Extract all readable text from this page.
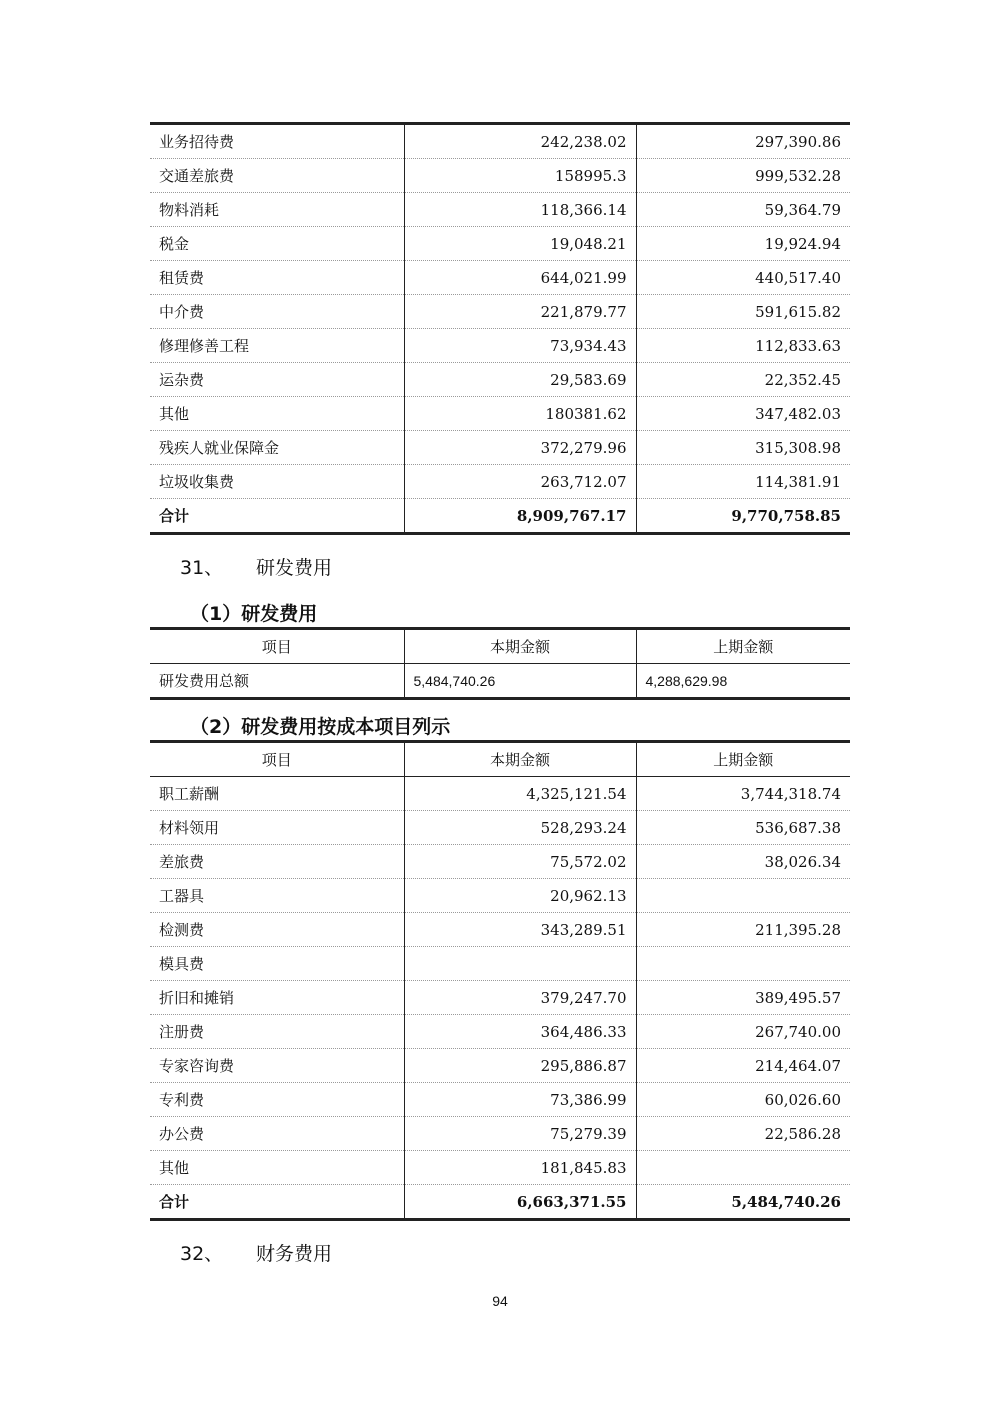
业务招待费	242,238.02	297,390.86
交通差旅费	158995.3	999,532.28
物料消耗	118,366.14	59,364.79
税金	19,048.21	19,924.94
租赁费	644,021.99	440,517.40
中介费	221,879.77	591,615.82
修理修善工程	73,934.43	112,833.63
运杂费	29,583.69	22,352.45
其他	180381.62	347,482.03
残疾人就业保障金	372,279.96	315,308.98
垃圾收集费	263,712.07	114,381.91
合计	8,909,767.17	9,770,758.85
31、 研发费用
（1）研发费用
项目	本期金额	上期金额
研发费用总额	5,484,740.26	4,288,629.98
（2）研发费用按成本项目列示
项目	本期金额	上期金额
职工薪酬	4,325,121.54	3,744,318.74
材料领用	528,293.24	536,687.38
差旅费	75,572.02	38,026.34
工器具	20,962.13	
检测费	343,289.51	211,395.28
模具费		
折旧和摊销	379,247.70	389,495.57
注册费	364,486.33	267,740.00
专家咨询费	295,886.87	214,464.07
专利费	73,386.99	60,026.60
办公费	75,279.39	22,586.28
其他	181,845.83	
合计	6,663,371.55	5,484,740.26
32、 财务费用
94
